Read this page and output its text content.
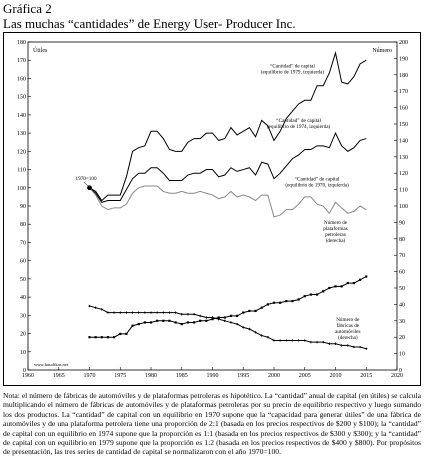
Gráfica 2
Las muchas “cantidades” de Energy User- Producer Inc.
1960	1965	1970	1975	1980	1985	1990	1995	2000	2005	2010	2015	2020
0
10
20
30
40
50
60
70
80
90
100
110
120
130
140
150
160
170
180
0
10
20
30
40
50
60
70
80
90
100
110
120
130
140
150
160
170
180
190
200
Útiles	Número
1970=100
“Cantidad” de capital (equilibrio de 1979, izquierda)
“Cantidad” de capital (equilibrio de 1974, izquierda)
“Cantidad” de capital (equilibrio de 1970, izquierda)
Número de plataformas petroleras (derecha)
Número de fábricas de automóviles (derecha)
www.hasolikas.net
Nota: el número de fábricas de automóviles y de plataformas petroleras es hipotético. La “cantidad” anual de capital (en útiles) se calcula multiplicando el número de fábricas de automóviles y de plataformas petroleras por su precio de equilibrio respectivo y luego sumando los dos productos. La “cantidad” de capital con un equilibrio en 1970 supone que la “capacidad para generar útiles” de una fábrica de automóviles y de una plataforma petrolera tiene una proporción de 2:1 (basada en los precios respectivos de $200 y $100); la “cantidad” de capital con un equilibrio en 1974 supone que la proporción es 1:1 (basada en los precios respectivos de $300 y $300); y la “cantidad” de capital con un equilibrio en 1979 supone que la proporción es 1:2 (basada en los precios respectivos de $400 y $800). Por propósitos de presentación, las tres series de cantidad de capital se normalizaron con el año 1970=100.
